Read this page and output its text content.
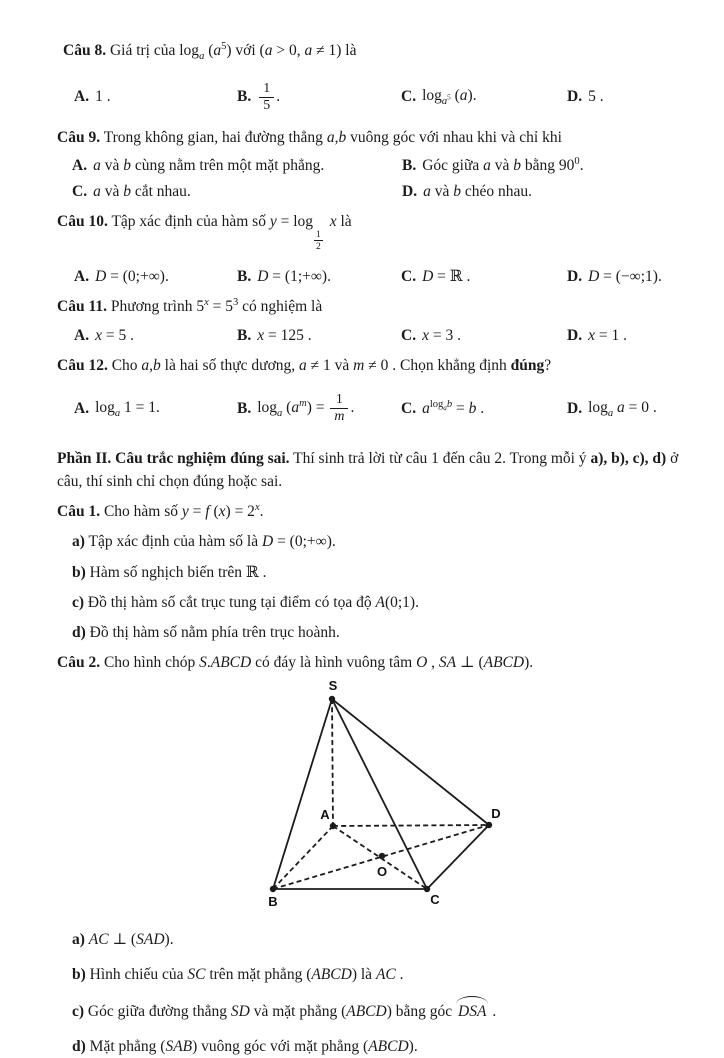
Câu 8. Giá trị của $\log_a (a^5)$ với (a > 0, a ≠ 1) là

A. 1 .	B. $\frac{1}{5}$ .	C. $\log_{a^5} (a)$.	D. 5 .

Câu 9. Trong không gian, hai đường thẳng a,b vuông góc với nhau khi và chỉ khi

A. a và b cùng nằm trên một mặt phẳng.	B. Góc giữa a và b bằng $90^0$.
C. a và b cắt nhau.	D. a và b chéo nhau.

Câu 10. Tập xác định của hàm số y = log
$\frac{1}{2}$
x là

A. D = (0;+∞).	B. D = (1;+∞).	C. D = ℝ .	D. D = (−∞;1).

Câu 11. Phương trình $5^x = 5^3$ có nghiệm là

A. x = 5 .	B. x = 125 .	C. x = 3 .	D. x = 1 .

Câu 12. Cho a,b là hai số thực dương, a ≠ 1 và m ≠ 0 . Chọn khẳng định đúng?

A. $\log_a 1 = 1$.	B. $\log_a (a^m) = \frac{1}{m}$ .	C. $a^{log_ab} = b$ .	D. $\log_a a = 0$ .

Phần II. Câu trắc nghiệm đúng sai. Thí sinh trả lời từ câu 1 đến câu 2. Trong mỗi ý a), b), c), d) ở câu, thí sinh chỉ chọn đúng hoặc sai.

Câu 1. Cho hàm số y = f $(x) = 2^x$.

a) Tập xác định của hàm số là D = (0;+∞).

b) Hàm số nghịch biến trên ℝ .

c) Đồ thị hàm số cắt trục tung tại điểm có tọa độ A(0;1).

d) Đồ thị hàm số nằm phía trên trục hoành.

Câu 2. Cho hình chóp S.ABCD có đáy là hình vuông tâm O , SA ⊥ (ABCD).

S
A
B	C
D
O

a) AC ⊥ (SAD).

b) Hình chiếu của SC trên mặt phẳng (ABCD) là AC .

c) Góc giữa đường thẳng SD và mặt phẳng (ABCD) bằng góc DSA .

d) Mặt phẳng (SAB) vuông góc với mặt phẳng (ABCD).
